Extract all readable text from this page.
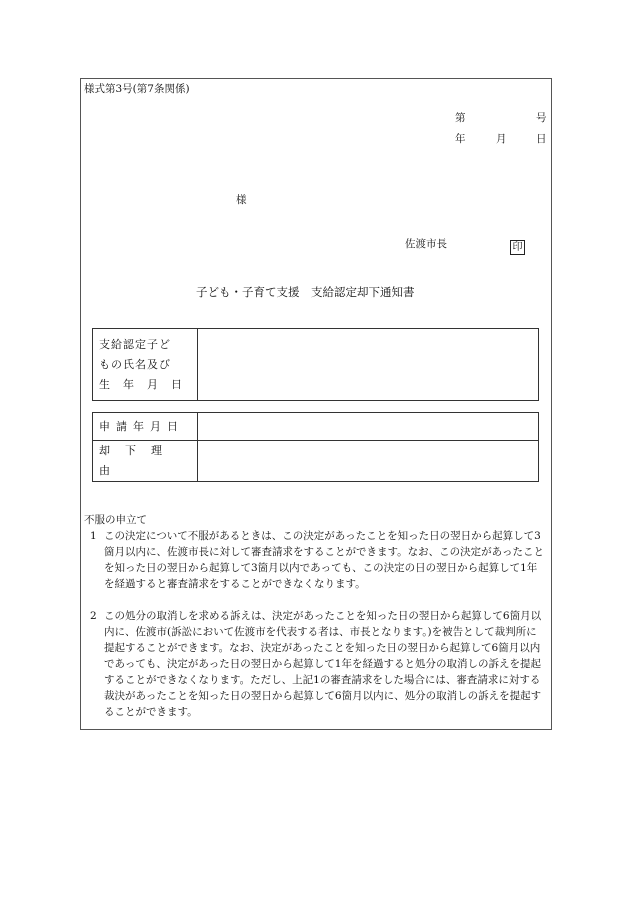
様式第3号(第7条関係)
第	号
年	月	日
様
佐渡市長	印
子ども・子育て支援　支給認定却下通知書
支給認定子ど
もの氏名及び
生　年　月　日

申請年月日	
却下理由	
不服の申立て
1 この決定について不服があるときは、この決定があったことを知った日の翌日から起算して3箇月以内に、佐渡市長に対して審査請求をすることができます。なお、この決定があったことを知った日の翌日から起算して3箇月以内であっても、この決定の日の翌日から起算して1年を経過すると審査請求をすることができなくなります。
2 この処分の取消しを求める訴えは、決定があったことを知った日の翌日から起算して6箇月以内に、佐渡市(訴訟において佐渡市を代表する者は、市長となります。)を被告として裁判所に提起することができます。なお、決定があったことを知った日の翌日から起算して6箇月以内であっても、決定があった日の翌日から起算して1年を経過すると処分の取消しの訴えを提起することができなくなります。ただし、上記1の審査請求をした場合には、審査請求に対する裁決があったことを知った日の翌日から起算して6箇月以内に、処分の取消しの訴えを提起することができます。
